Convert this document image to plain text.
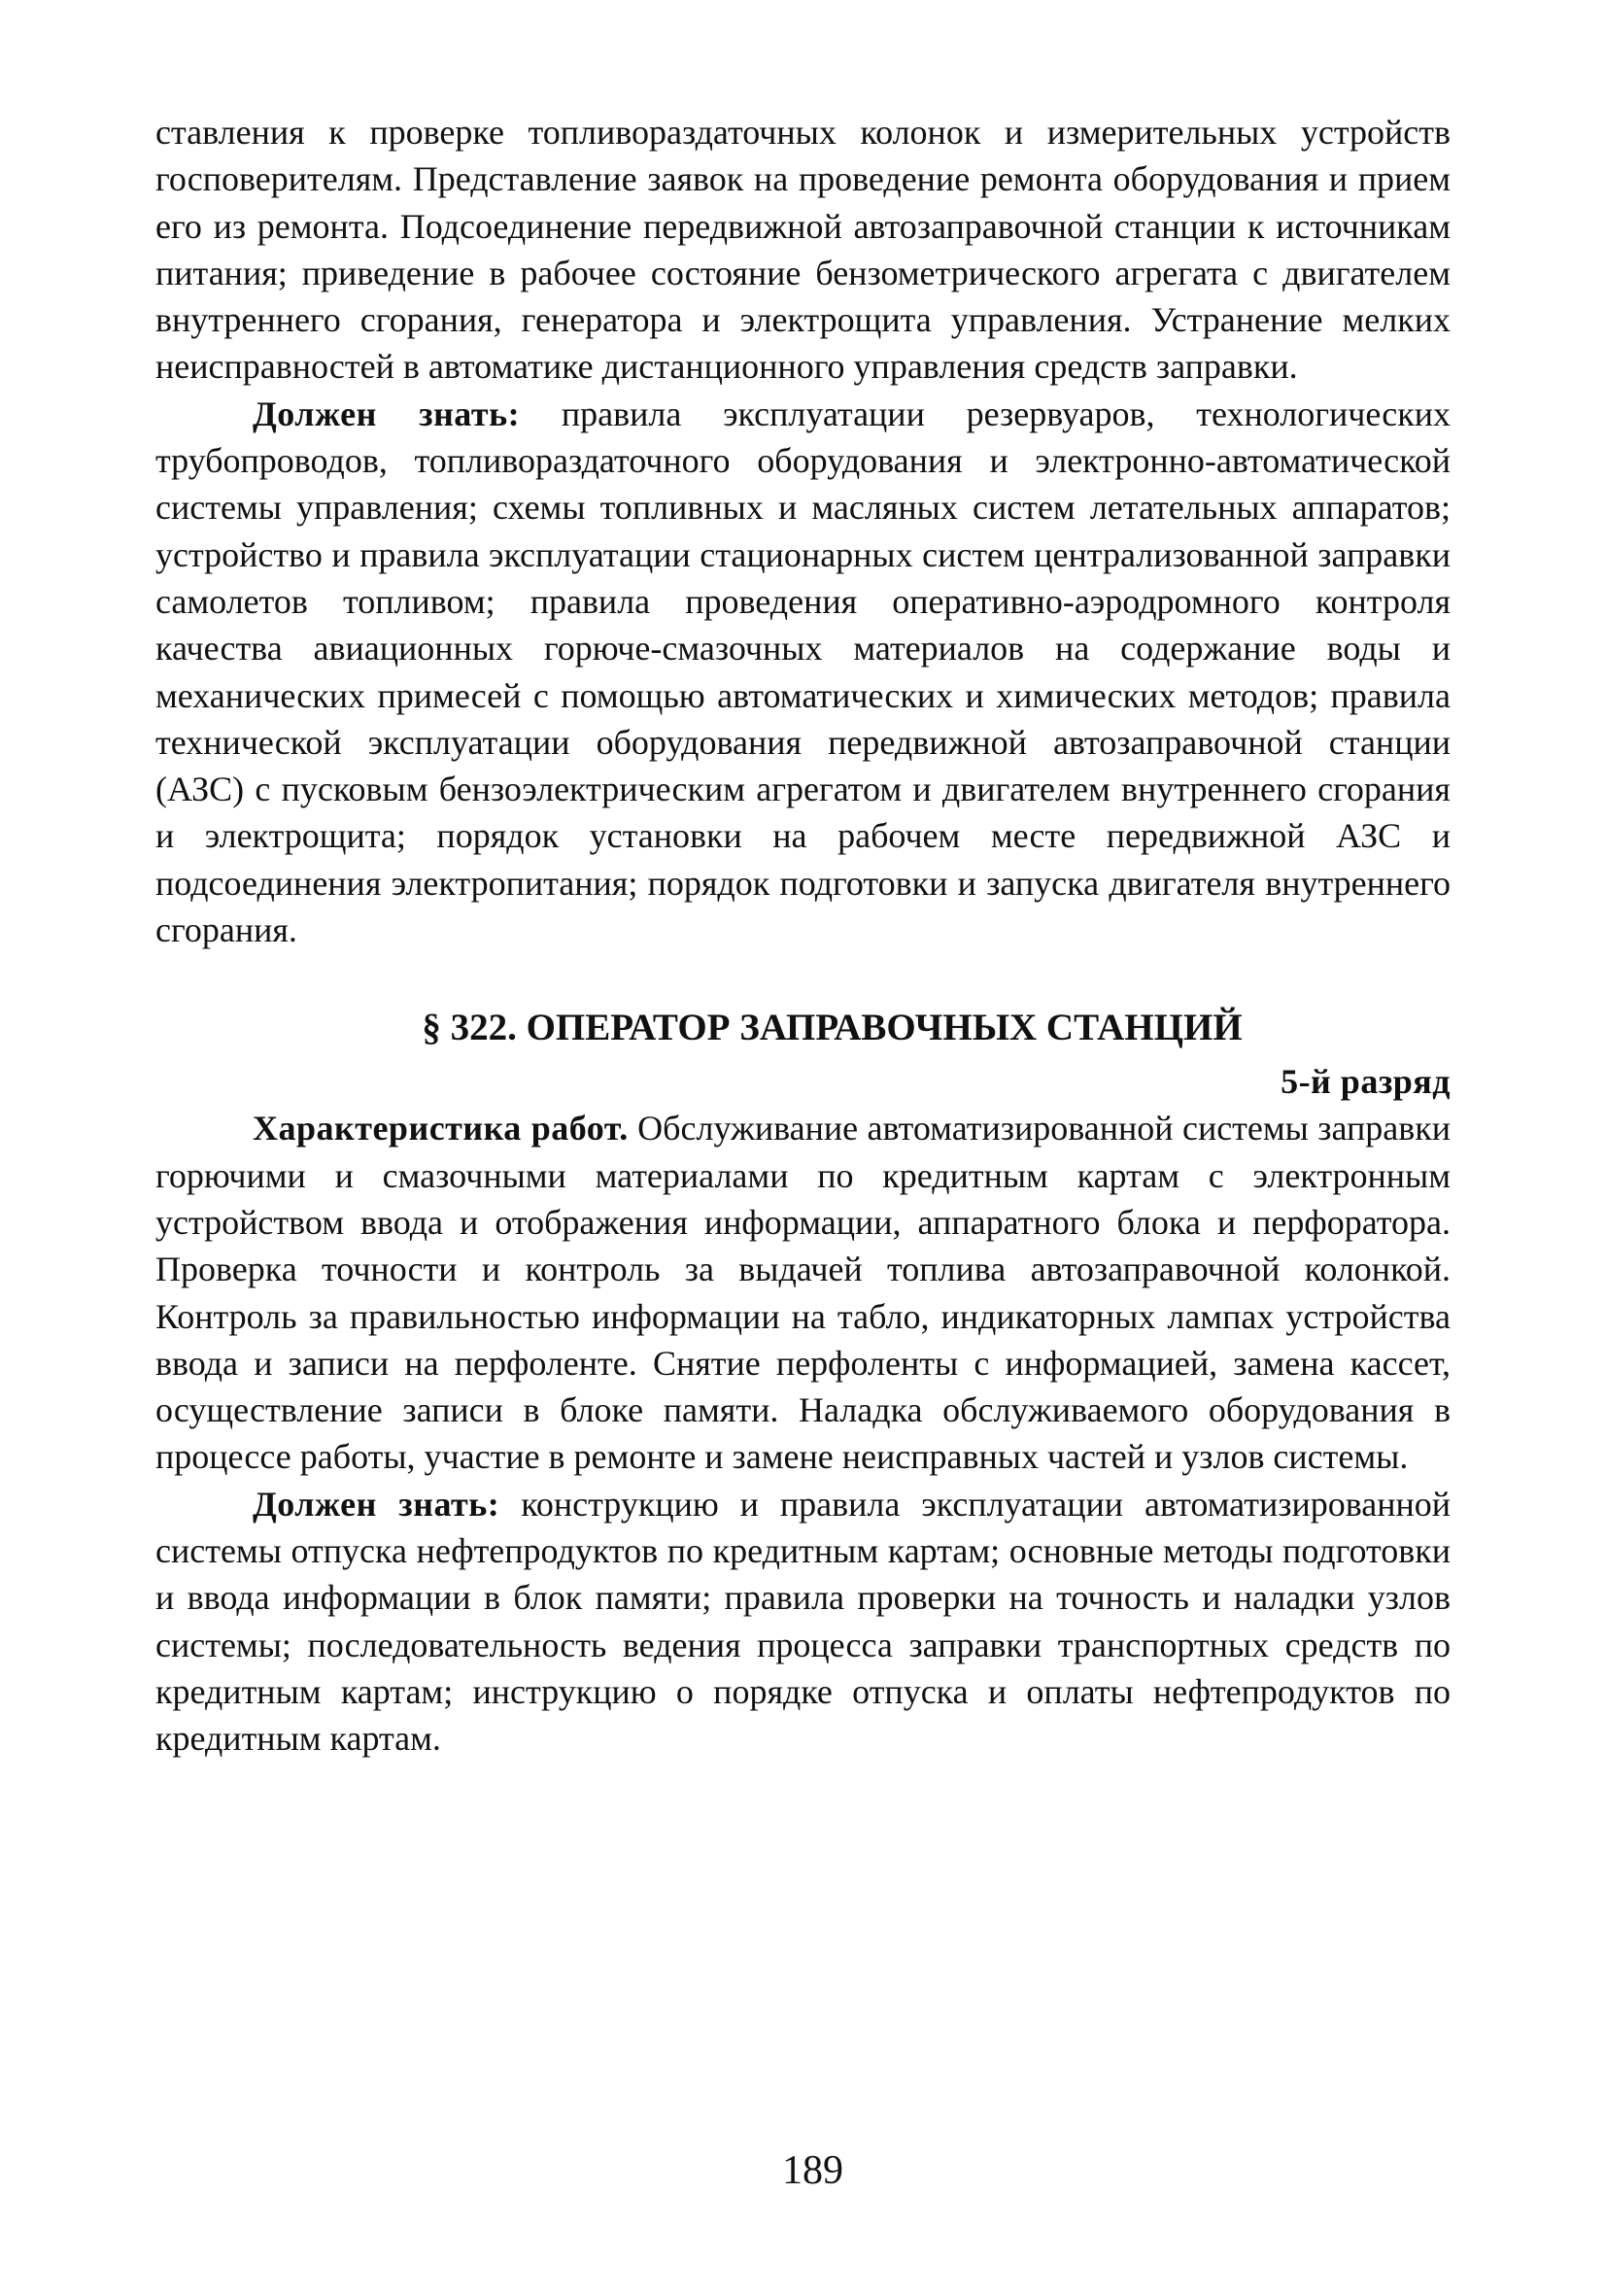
ставления к проверке топливораздаточных колонок и измерительных устройств госповерителям. Представление заявок на проведение ремонта оборудования и прием его из ремонта. Подсоединение передвижной автозаправочной станции к источникам питания; приведение в рабочее состояние бензометрического агрегата с двигателем внутреннего сгорания, генератора и электрощита управления. Устранение мелких неисправностей в автоматике дистанционного управления средств заправки.

Должен знать: правила эксплуатации резервуаров, технологических трубопроводов, топливораздаточного оборудования и электронно-автоматической системы управления; схемы топливных и масляных систем летательных аппаратов; устройство и правила эксплуатации стационарных систем централизованной заправки самолетов топливом; правила проведения оперативно-аэродромного контроля качества авиационных горюче-смазочных материалов на содержание воды и механических примесей с помощью автоматических и химических методов; правила технической эксплуатации оборудования передвижной автозаправочной станции (АЗС) с пусковым бензоэлектрическим агрегатом и двигателем внутреннего сгорания и электрощита; порядок установки на рабочем месте передвижной АЗС и подсоединения электропитания; порядок подготовки и запуска двигателя внутреннего сгорания.

§ 322. ОПЕРАТОР ЗАПРАВОЧНЫХ СТАНЦИЙ
5-й разряд

Характеристика работ. Обслуживание автоматизированной системы заправки горючими и смазочными материалами по кредитным картам с электронным устройством ввода и отображения информации, аппаратного блока и перфоратора. Проверка точности и контроль за выдачей топлива автозаправочной колонкой. Контроль за правильностью информации на табло, индикаторных лампах устройства ввода и записи на перфоленте. Снятие перфоленты с информацией, замена кассет, осуществление записи в блоке памяти. Наладка обслуживаемого оборудования в процессе работы, участие в ремонте и замене неисправных частей и узлов системы.

Должен знать: конструкцию и правила эксплуатации автоматизированной системы отпуска нефтепродуктов по кредитным картам; основные методы подготовки и ввода информации в блок памяти; правила проверки на точность и наладки узлов системы; последовательность ведения процесса заправки транспортных средств по кредитным картам; инструкцию о порядке отпуска и оплаты нефтепродуктов по кредитным картам.

189
